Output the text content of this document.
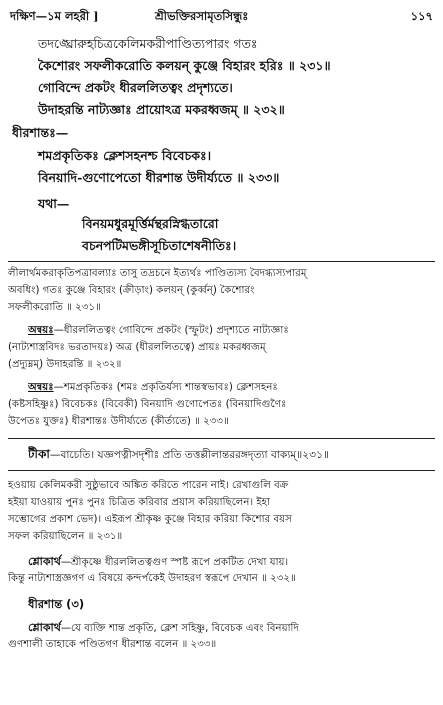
দক্ষিণ—১ম লহরী ]	শ্রীভক্তিরসামৃতসিন্ধুঃ	১১৭
তদঙ্ঘ্রোরুহচিত্রকেলিমকরীপাণ্ডিত্যপারং গতঃ
কৈশোরং সফলীকরোতি কলয়ন্ কুঞ্জে বিহারং হরিঃ ॥ ২৩১॥
গোবিন্দে প্রকটং ধীরললিতত্বং প্রদৃশ্যতে।
উদাহরন্তি নাট্যজ্ঞাঃ প্রায়োঽত্র মকরধ্বজম্ ॥ ২৩২॥
ধীরশান্তঃ—
শমপ্রকৃতিকঃ ক্লেশসহনশ্চ বিবেচকঃ।
বিনয়াদি-গুণোপেতো ধীরশান্ত উদীর্য্যতে ॥ ২৩৩॥
যথা—
বিনয়মধুরমূর্ত্তির্মন্থরস্নিগ্ধতারো
বচনপটিমভঙ্গীসূচিতাশেষনীতিঃ।
লীলার্থমকরাকৃতিপত্রাবল্যাঃ তাসু তদ্রচনে ইত্যর্থঃ পাণ্ডিত্যস্য বৈদগ্ধ্যস্যপারম্
অবধিং) গতঃ কুঞ্জে বিহারং (ক্রীড়াং) কলয়ন্ (কুর্ব্বন্) কৈশোরং
সফলীকরোতি ॥ ২৩১॥
অন্বয়ঃ—ধীরললিতত্বং গোবিন্দে প্রকটং (স্ফুটং) প্রদৃশ্যতে নাট্যজ্ঞাঃ
(নাট্যশাস্ত্রবিদঃ ভরতাদয়ঃ) অত্র (ধীরললিতত্বে) প্রায়ঃ মকরধ্বজম্
(প্রদ্যুম্নম্) উদাহরন্তি ॥ ২৩২॥
অন্বয়ঃ—শমপ্রকৃতিকঃ (শমঃ প্রকৃতির্যস্য শান্তস্বভাবঃ) ক্লেশসহনঃ
(কষ্টসহিষ্ণুঃ) বিবেচকঃ (বিবেকী) বিনয়াদি গুণোপেতঃ (বিনয়াদিগুণৈঃ
উপেতঃ যুক্তঃ) ধীরশান্তঃ উদীর্য্যতে (কীর্ত্যতে) ॥ ২৩৩॥
টীকা—বাচেতি। যজ্ঞপত্নীসদৃশীঃ প্রতি তত্তল্লীলান্তররঙ্গদৃত্যা বাক্যম্॥২৩১॥
হওয়ায় কেলিমকরী সুষ্ঠুভাবে অঙ্কিত করিতে পারেন নাই। রেখাগুলি বক্র
হইয়া যাওয়ায় পুনঃ পুনঃ চিত্রিত করিবার প্রয়াস করিয়াছিলেন। ইহা
সম্ভোগের প্রকাশ ভেদ)। এইরূপ শ্রীকৃষ্ণ কুঞ্জে বিহার করিয়া কিশোর বয়স
সফল করিয়াছিলেন ॥ ২৩১॥
শ্লোকার্থ—শ্রীকৃষ্ণে ধীরললিতত্বগুণ স্পষ্ট রূপে প্রকটিত দেখা যায়।
কিন্তু নাট্যশাস্ত্রজ্ঞগণ এ বিষয়ে কন্দর্পকেই উদাহরণ স্বরূপে দেখান ॥ ২৩২॥
ধীরশান্ত (৩)
শ্লোকার্থ—যে ব্যক্তি শান্ত প্রকৃতি, ক্লেশ সহিষ্ণু, বিবেচক এবং বিনয়াদি
গুণশালী তাহাকে পণ্ডিতগণ ধীরশান্ত বলেন ॥ ২৩৩॥
